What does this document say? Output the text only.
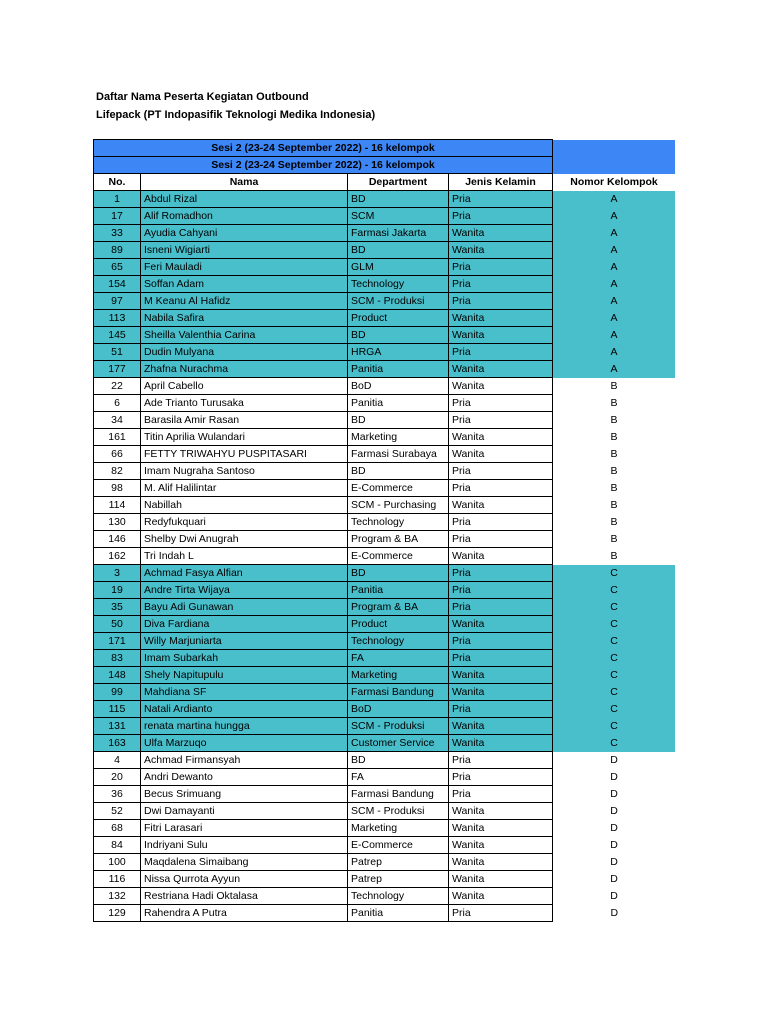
Daftar Nama Peserta Kegiatan Outbound
Lifepack (PT Indopasifik Teknologi Medika Indonesia)
Sesi 2 (23-24 September 2022) - 16 kelompok				
Sesi 2 (23-24 September 2022) - 16 kelompok				
No.	Nama	Department	Jenis Kelamin	Nomor Kelompok
1	Abdul Rizal	BD	Pria	A
17	Alif Romadhon	SCM	Pria	A
33	Ayudia Cahyani	Farmasi Jakarta	Wanita	A
89	Isneni Wigiarti	BD	Wanita	A
65	Feri Mauladi	GLM	Pria	A
154	Soffan Adam	Technology	Pria	A
97	M Keanu Al Hafidz	SCM - Produksi	Pria	A
113	Nabila Safira	Product	Wanita	A
145	Sheilla Valenthia Carina	BD	Wanita	A
51	Dudin Mulyana	HRGA	Pria	A
177	Zhafna Nurachma	Panitia	Wanita	A
22	April Cabello	BoD	Wanita	B
6	Ade Trianto Turusaka	Panitia	Pria	B
34	Barasila Amir Rasan	BD	Pria	B
161	Titin Aprilia Wulandari	Marketing	Wanita	B
66	FETTY TRIWAHYU PUSPITASARI	Farmasi Surabaya	Wanita	B
82	Imam Nugraha Santoso	BD	Pria	B
98	M. Alif Halilintar	E-Commerce	Pria	B
114	Nabillah	SCM - Purchasing	Wanita	B
130	Redyfukquari	Technology	Pria	B
146	Shelby Dwi Anugrah	Program & BA	Pria	B
162	Tri Indah L	E-Commerce	Wanita	B
3	Achmad Fasya Alfian	BD	Pria	C
19	Andre Tirta Wijaya	Panitia	Pria	C
35	Bayu Adi Gunawan	Program & BA	Pria	C
50	Diva Fardiana	Product	Wanita	C
171	Willy Marjuniarta	Technology	Pria	C
83	Imam Subarkah	FA	Pria	C
148	Shely Napitupulu	Marketing	Wanita	C
99	Mahdiana SF	Farmasi Bandung	Wanita	C
115	Natali Ardianto	BoD	Pria	C
131	renata martina hungga	SCM - Produksi	Wanita	C
163	Ulfa Marzuqo	Customer Service	Wanita	C
4	Achmad Firmansyah	BD	Pria	D
20	Andri Dewanto	FA	Pria	D
36	Becus Srimuang	Farmasi Bandung	Pria	D
52	Dwi Damayanti	SCM - Produksi	Wanita	D
68	Fitri Larasari	Marketing	Wanita	D
84	Indriyani Sulu	E-Commerce	Wanita	D
100	Maqdalena Simaibang	Patrep	Wanita	D
116	Nissa Qurrota Ayyun	Patrep	Wanita	D
132	Restriana Hadi Oktalasa	Technology	Wanita	D
129	Rahendra A Putra	Panitia	Pria	D
